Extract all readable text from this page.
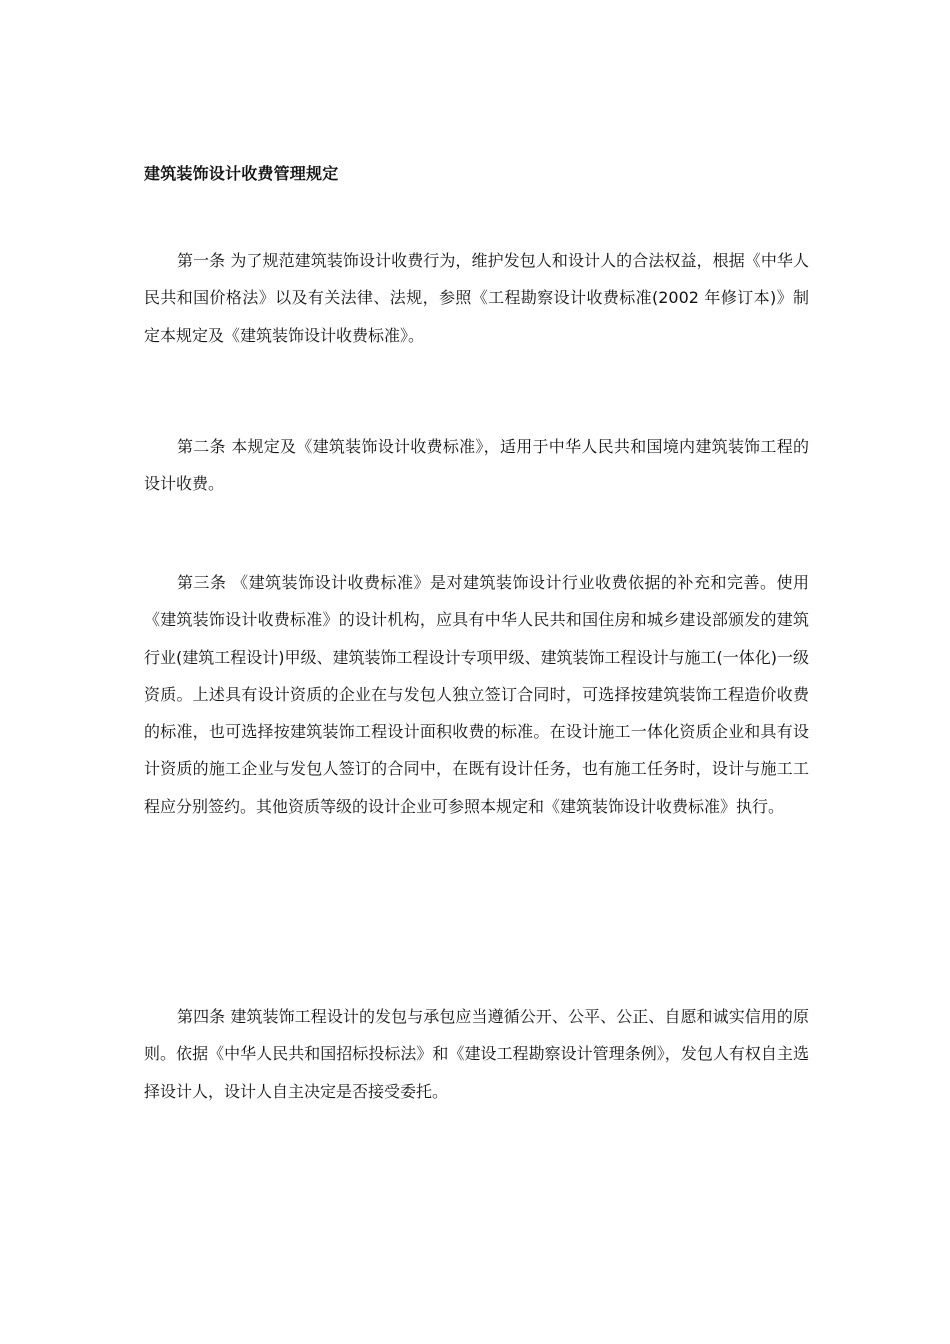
建筑装饰设计收费管理规定

第一条 为了规范建筑装饰设计收费行为，维护发包人和设计人的合法权益，根据《中华人民共和国价格法》以及有关法律、法规，参照《工程勘察设计收费标准(2002 年修订本)》制定本规定及《建筑装饰设计收费标准》。

第二条 本规定及《建筑装饰设计收费标准》，适用于中华人民共和国境内建筑装饰工程的设计收费。

第三条 《建筑装饰设计收费标准》是对建筑装饰设计行业收费依据的补充和完善。使用《建筑装饰设计收费标准》的设计机构，应具有中华人民共和国住房和城乡建设部颁发的建筑行业(建筑工程设计)甲级、建筑装饰工程设计专项甲级、建筑装饰工程设计与施工(一体化)一级资质。上述具有设计资质的企业在与发包人独立签订合同时，可选择按建筑装饰工程造价收费的标准，也可选择按建筑装饰工程设计面积收费的标准。在设计施工一体化资质企业和具有设计资质的施工企业与发包人签订的合同中，在既有设计任务，也有施工任务时，设计与施工工程应分别签约。其他资质等级的设计企业可参照本规定和《建筑装饰设计收费标准》执行。

第四条 建筑装饰工程设计的发包与承包应当遵循公开、公平、公正、自愿和诚实信用的原则。依据《中华人民共和国招标投标法》和《建设工程勘察设计管理条例》，发包人有权自主选择设计人，设计人自主决定是否接受委托。
